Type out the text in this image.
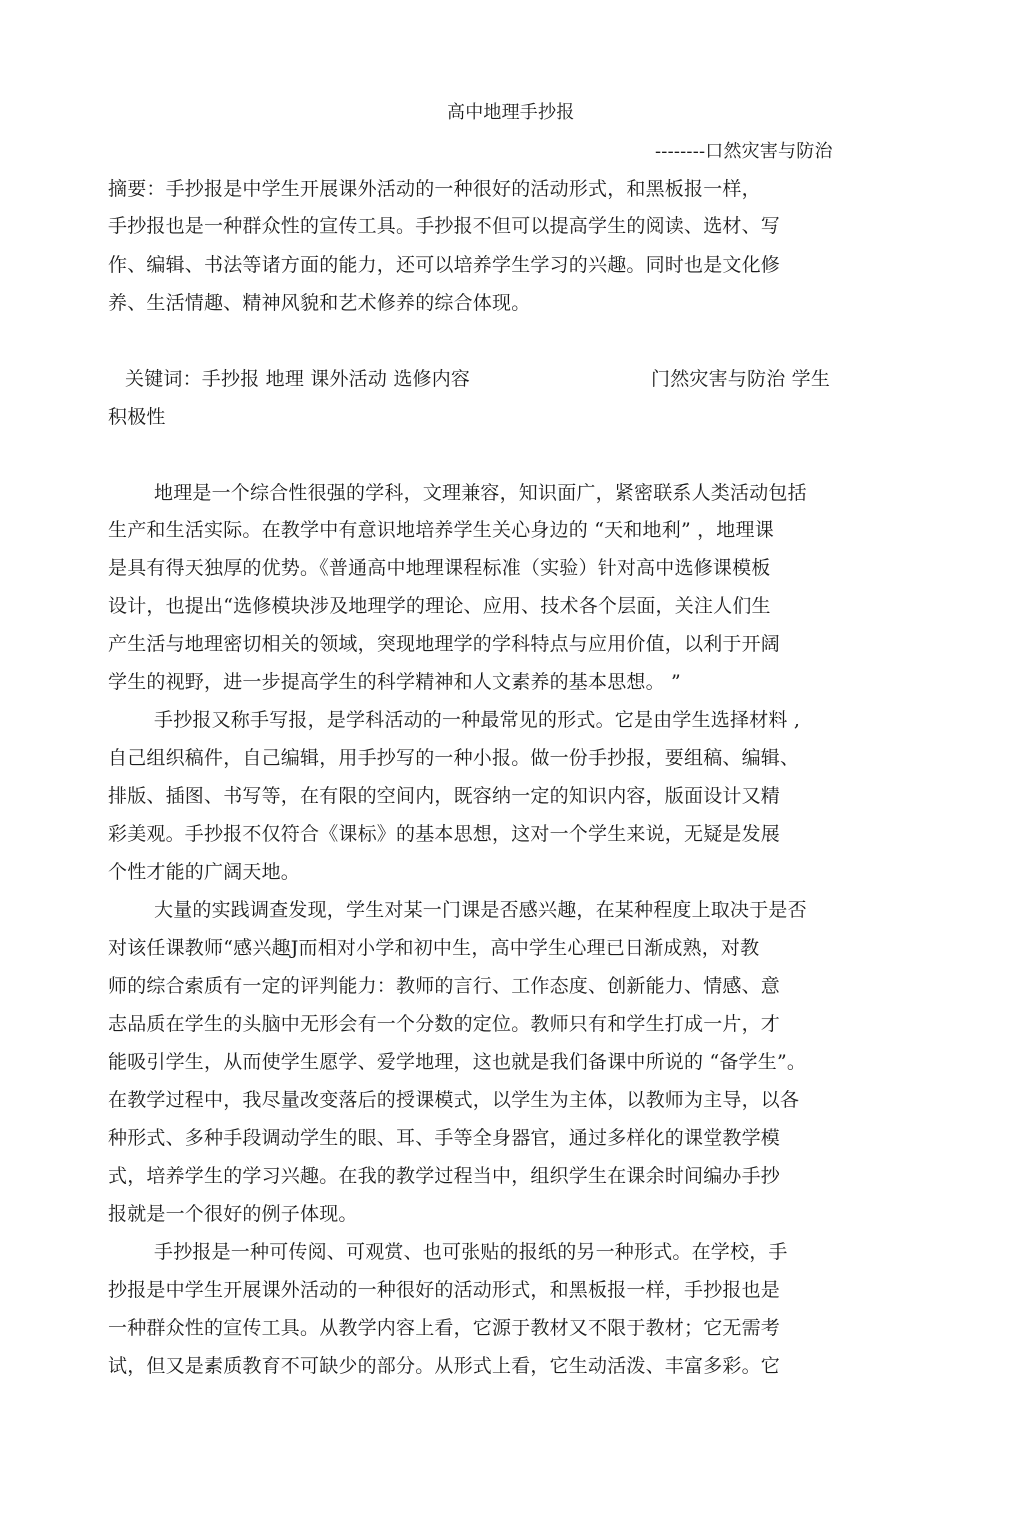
高中地理手抄报
--------口然灾害与防治
摘要：手抄报是中学生开展课外活动的一种很好的活动形式，和黑板报一样，
手抄报也是一种群众性的宣传工具。手抄报不但可以提高学生的阅读、选材、写
作、编辑、书法等诸方面的能力，还可以培养学生学习的兴趣。同时也是文化修
养、生活情趣、精神风貌和艺术修养的综合体现。
关键词：手抄报 地理 课外活动 选修内容	门然灾害与防治 学生
积极性
地理是一个综合性很强的学科，文理兼容，知识面广，紧密联系人类活动包括
生产和生活实际。在教学中有意识地培养学生关心身边的 “天和地利” ，地理课
是具有得天独厚的优势。《普通高中地理课程标准（实验）针对高中选修课模板
设计，也提出“选修模块涉及地理学的理论、应用、技术各个层面，关注人们生
产生活与地理密切相关的领域，突现地理学的学科特点与应用价值，以利于开阔
学生的视野，进一步提高学生的科学精神和人文素养的基本思想。 ”
手抄报又称手写报，是学科活动的一种最常见的形式。它是由学生选择材料 ,
自己组织稿件，自己编辑，用手抄写的一种小报。做一份手抄报，要组稿、编辑、
排版、插图、书写等，在有限的空间内，既容纳一定的知识内容，版面设计又精
彩美观。手抄报不仅符合《课标》的基本思想，这对一个学生来说，无疑是发展
个性才能的广阔天地。
大量的实践调查发现，学生对某一门课是否感兴趣，在某种程度上取决于是否
对该任课教师“感兴趣J而相对小学和初中生，高中学生心理已日渐成熟，对教
师的综合索质有一定的评判能力：教师的言行、工作态度、创新能力、情感、意
志品质在学生的头脑中无形会有一个分数的定位。教师只有和学生打成一片，才
能吸引学生，从而使学生愿学、爱学地理，这也就是我们备课中所说的 “备学生”。
在教学过程中，我尽量改变落后的授课模式，以学生为主体，以教师为主导，以各
种形式、多种手段调动学生的眼、耳、手等全身器官，通过多样化的课堂教学模
式，培养学生的学习兴趣。在我的教学过程当中，组织学生在课余时间编办手抄
报就是一个很好的例子体现。
手抄报是一种可传阅、可观赏、也可张贴的报纸的另一种形式。在学校，手
抄报是中学生开展课外活动的一种很好的活动形式，和黑板报一样，手抄报也是
一种群众性的宣传工具。从教学内容上看，它源于教材又不限于教材；它无需考
试，但又是素质教育不可缺少的部分。从形式上看，它生动活泼、丰富多彩。它
